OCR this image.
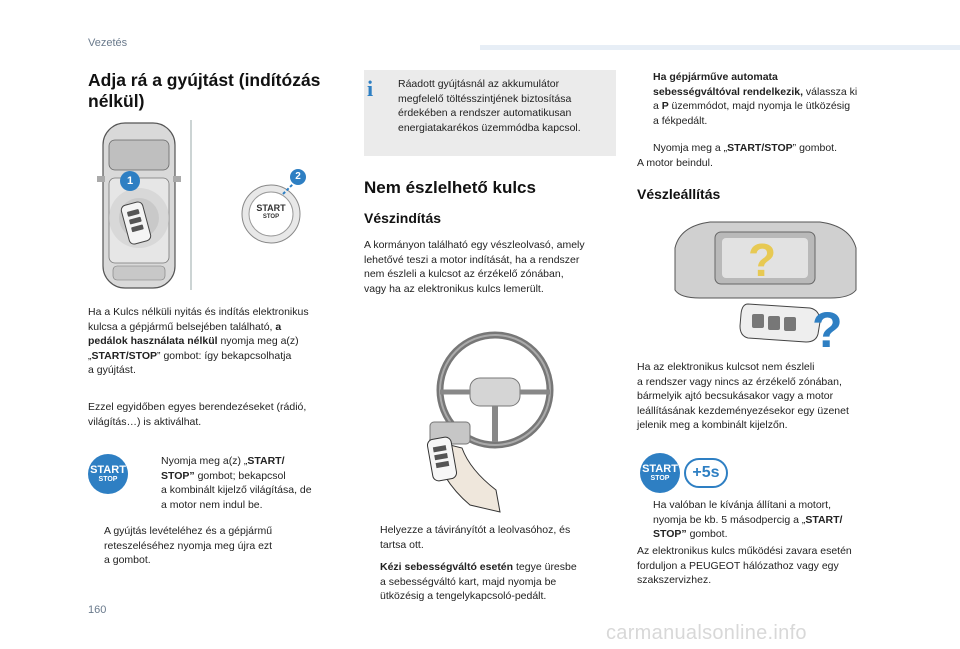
Vezetés
Adja rá a gyújtást (indítózás
nélkül)
1	2
START
STOP

Ha a Kulcs nélküli nyitás és indítás elektronikus

kulcsa a gépjármű belsejében található, a

pedálok használata nélkül nyomja meg a(z)

„START/STOP” gombot: így bekapcsolhatja

a gyújtást.

Ezzel egyidőben egyes berendezéseket (rádió,

világítás…) is aktiválhat.

START
STOP
Nyomja meg a(z) „START/
STOP” gombot; bekapcsol
a kombinált kijelző világítása, de
a motor nem indul be.
A gyújtás levételéhez és a gépjármű
reteszeléséhez nyomja meg újra ezt
a gombot.
i Ráadott gyújtásnál az akkumulátor

megfelelő töltésszintjének biztosítása

érdekében a rendszer automatikusan

energiatakarékos üzemmódba kapcsol.

Nem észlelhető kulcs
Vészindítás

A kormányon található egy vészleolvasó, amely

lehetővé teszi a motor indítását, ha a rendszer

nem észleli a kulcsot az érzékelő zónában,

vagy ha az elektronikus kulcs lemerült.

Helyezze a távirányítót a leolvasóhoz, és
tartsa ott.
Kézi sebességváltó esetén tegye üresbe
a sebességváltó kart, majd nyomja be
ütközésig a tengelykapcsoló-pedált.
Ha gépjárműve automata
sebességváltóval rendelkezik, válassza ki
a P üzemmódot, majd nyomja le ütközésig
a fékpedált.
Nyomja meg a „START/STOP” gombot.

A motor beindul.

Vészleállítás
?
?

Ha az elektronikus kulcsot nem észleli

a rendszer vagy nincs az érzékelő zónában,

bármelyik ajtó becsukásakor vagy a motor

leállításának kezdeményezésekor egy üzenet

jelenik meg a kombinált kijelzőn.

START
STOP	+5s
Ha valóban le kívánja állítani a motort,
nyomja be kb. 5 másodpercig a „START/
STOP” gombot.

Az elektronikus kulcs működési zavara esetén

forduljon a PEUGEOT hálózathoz vagy egy

szakszervizhez.

160
carmanualsonline.info
